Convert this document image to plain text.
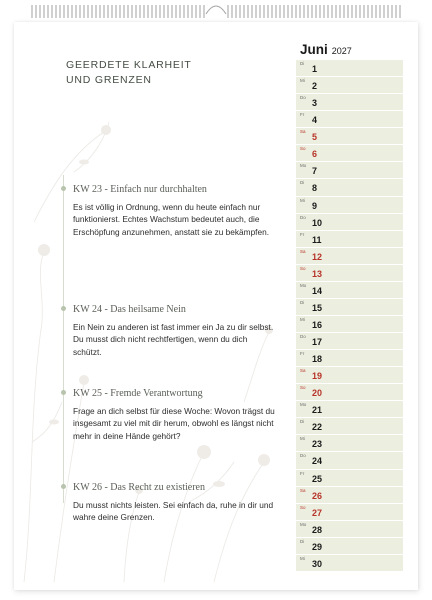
GEERDETE KLARHEIT
UND GRENZEN
KW 23 - Einfach nur durchhalten
Es ist völlig in Ordnung, wenn du heute einfach nur funktionierst. Echtes Wachstum bedeutet auch, die Erschöpfung anzunehmen, anstatt sie zu bekämpfen.
KW 24 - Das heilsame Nein
Ein Nein zu anderen ist fast immer ein Ja zu dir selbst. Du musst dich nicht rechtfertigen, wenn du dich schützt.
KW 25 - Fremde Verantwortung
Frage an dich selbst für diese Woche: Wovon trägst du insgesamt zu viel mit dir herum, obwohl es längst nicht mehr in deine Hände gehört?
KW 26 - Das Recht zu existieren
Du musst nichts leisten. Sei einfach da, ruhe in dir und wahre deine Grenzen.
Juni 2027
Di
1
Mi
2
Do
3
Fr
4
Sa
5
So
6
Mo
7
Di
8
Mi
9
Do
10
Fr
11
Sa
12
So
13
Mo
14
Di
15
Mi
16
Do
17
Fr
18
Sa
19
So
20
Mo
21
Di
22
Mi
23
Do
24
Fr
25
Sa
26
So
27
Mo
28
Di
29
Mi
30
